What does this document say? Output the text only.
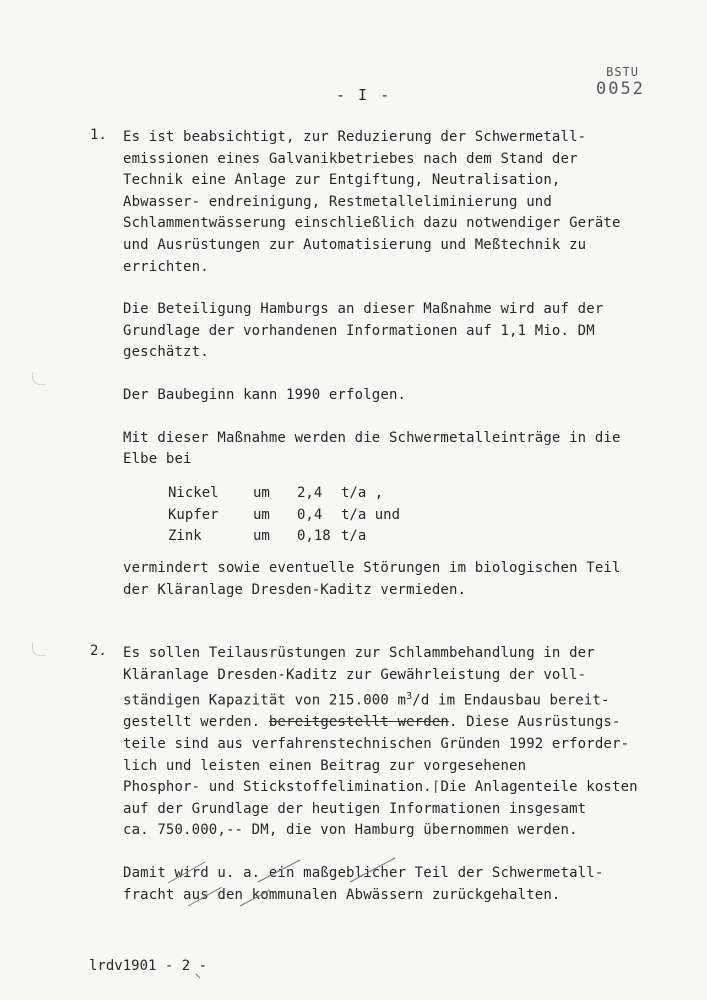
BSTU
0052
- I -
1. Es ist beabsichtigt, zur Reduzierung der Schwermetall- emissionen eines Galvanikbetriebes nach dem Stand der Technik eine Anlage zur Entgiftung, Neutralisation, Abwasser- endreinigung, Restmetalleliminierung und Schlammentwässerung einschließlich dazu notwendiger Geräte und Ausrüstungen zur Automatisierung und Meßtechnik zu errichten.

Die Beteiligung Hamburgs an dieser Maßnahme wird auf der Grundlage der vorhandenen Informationen auf 1,1 Mio. DM geschätzt.

Der Baubeginn kann 1990 erfolgen.

Mit dieser Maßnahme werden die Schwermetalleinträge in die Elbe bei

Nickel	um	2,4	t/a ,
Kupfer	um	0,4	t/a und
Zink	um	0,18 t/a

vermindert sowie eventuelle Störungen im biologischen Teil der Kläranlage Dresden-Kaditz vermieden.

2. Es sollen Teilausrüstungen zur Schlammbehandlung in der

Kläranlage Dresden-Kaditz zur Gewährleistung der voll-

ständigen Kapazität von 215.000 $m^3/d$ im Endausbau bereit-

gestellt werden. bereitgestellt werden. Diese Ausrüstungs-

teile sind aus verfahrenstechnischen Gründen 1992 erforder-

lich und leisten einen Beitrag zur vorgesehenen

Phosphor- und Stickstoffelimination.⌈Die Anlagenteile kosten

auf der Grundlage der heutigen Informationen insgesamt

ca. 750.000,-- DM, die von Hamburg übernommen werden.

Damit wird u. a. ein maßgeblicher Teil der Schwermetall- fracht aus den kommunalen Abwässern zurückgehalten.

lrdv1901 - 2 -
